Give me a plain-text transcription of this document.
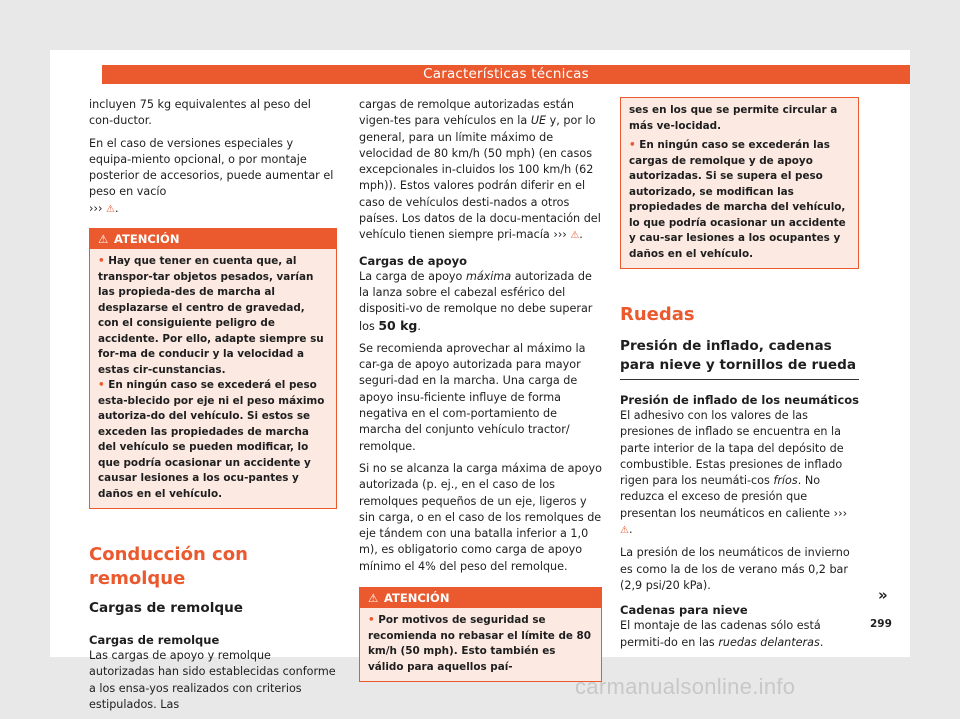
Características técnicas

incluyen 75 kg equivalentes al peso del con-ductor.

En el caso de versiones especiales y equipa-miento opcional, o por montaje posterior de accesorios, puede aumentar el peso en vacío
››› ⚠.

⚠ ATENCIÓN

• Hay que tener en cuenta que, al transpor-tar objetos pesados, varían las propieda-des de marcha al desplazarse el centro de gravedad, con el consiguiente peligro de accidente. Por ello, adapte siempre su for-ma de conducir y la velocidad a estas cir-cunstancias.

• En ningún caso se excederá el peso esta-blecido por eje ni el peso máximo autoriza-do del vehículo. Si estos se exceden las propiedades de marcha del vehículo se pueden modificar, lo que podría ocasionar un accidente y causar lesiones a los ocu-pantes y daños en el vehículo.

Conducción con remolque
Cargas de remolque
Cargas de remolque

Las cargas de apoyo y remolque autorizadas han sido establecidas conforme a los ensa-yos realizados con criterios estipulados. Las

cargas de remolque autorizadas están vigen-tes para vehículos en la UE y, por lo general, para un límite máximo de velocidad de 80 km/h (50 mph) (en casos excepcionales in-cluidos los 100 km/h (62 mph)). Estos valores podrán diferir en el caso de vehículos desti-nados a otros países. Los datos de la docu-mentación del vehículo tienen siempre pri-macía ››› ⚠.

Cargas de apoyo

La carga de apoyo máxima autorizada de la lanza sobre el cabezal esférico del dispositi-vo de remolque no debe superar los 50 kg.

Se recomienda aprovechar al máximo la car-ga de apoyo autorizada para mayor seguri-dad en la marcha. Una carga de apoyo insu-ficiente influye de forma negativa en el com-portamiento de marcha del conjunto vehículo tractor/ remolque.

Si no se alcanza la carga máxima de apoyo autorizada (p. ej., en el caso de los remolques pequeños de un eje, ligeros y sin carga, o en el caso de los remolques de eje tándem con una batalla inferior a 1,0 m), es obligatorio como carga de apoyo mínimo el 4% del peso del remolque.

⚠ ATENCIÓN

• Por motivos de seguridad se recomienda no rebasar el límite de 80 km/h (50 mph). Esto también es válido para aquellos paí-

ses en los que se permite circular a más ve-locidad.

• En ningún caso se excederán las cargas de remolque y de apoyo autorizadas. Si se supera el peso autorizado, se modifican las propiedades de marcha del vehículo, lo que podría ocasionar un accidente y cau-sar lesiones a los ocupantes y daños en el vehículo.

Ruedas
Presión de inflado, cadenas para nieve y tornillos de rueda
Presión de inflado de los neumáticos

El adhesivo con los valores de las presiones de inflado se encuentra en la parte interior de la tapa del depósito de combustible. Estas presiones de inflado rigen para los neumáti-cos fríos. No reduzca el exceso de presión que presentan los neumáticos en caliente ››› ⚠.

La presión de los neumáticos de invierno es como la de los de verano más 0,2 bar (2,9 psi/20 kPa).

Cadenas para nieve

El montaje de las cadenas sólo está permiti-do en las ruedas delanteras.

»
299
carmanualsonline.info
